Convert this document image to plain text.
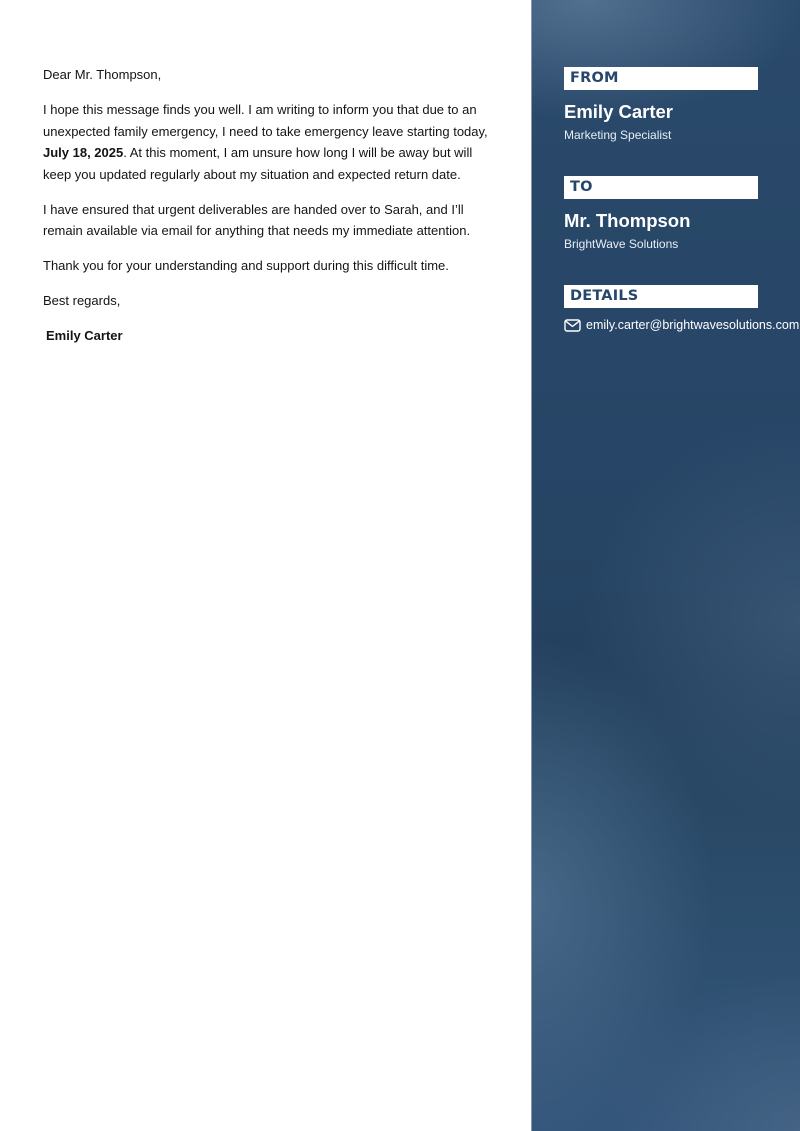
Dear Mr. Thompson,

I hope this message finds you well. I am writing to inform you that due to an unexpected family emergency, I need to take emergency leave starting today, July 18, 2025. At this moment, I am unsure how long I will be away but will keep you updated regularly about my situation and expected return date.

I have ensured that urgent deliverables are handed over to Sarah, and I’ll remain available via email for anything that needs my immediate attention.

Thank you for your understanding and support during this difficult time.

Best regards,

Emily Carter

FROM
Emily Carter
Marketing Specialist
TO
Mr. Thompson
BrightWave Solutions
DETAILS
emily.carter@brightwavesolutions.com
